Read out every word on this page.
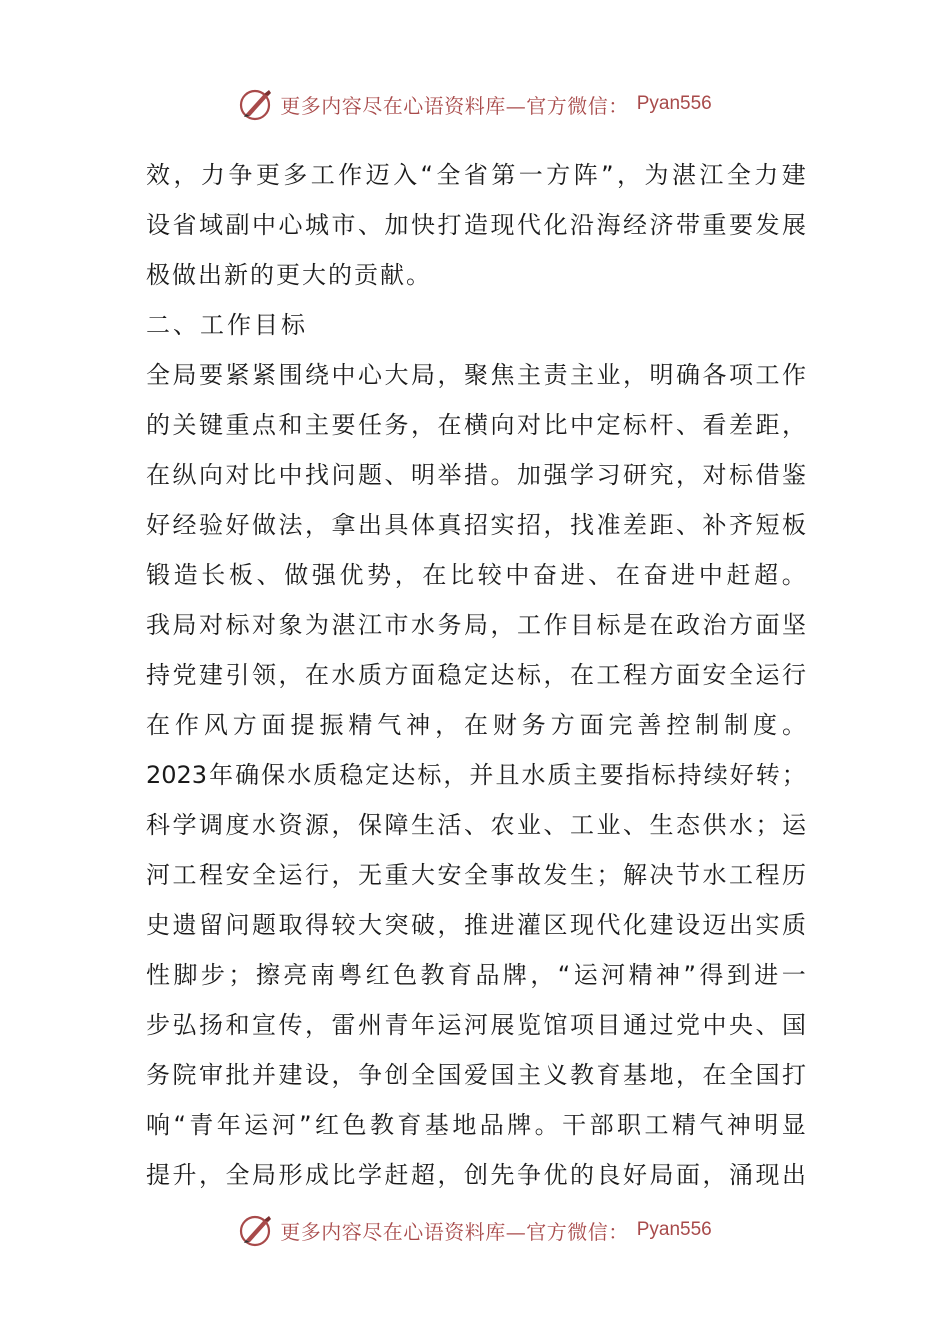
更多内容尽在心语资料库—官方微信： Pyan556
效 ， 力 争 更 多 工 作 迈 入 “ 全 省 第 一 方 阵 ” ， 为 湛 江 全 力 建
设 省 域 副 中 心 城 市 、 加 快 打 造 现 代 化 沿 海 经 济 带 重 要 发 展
极做出新的更大的贡献。
二、工作目标
全 局 要 紧 紧 围 绕 中 心 大 局 ， 聚 焦 主 责 主 业 ， 明 确 各 项 工 作
的 关 键 重 点 和 主 要 任 务 ， 在 横 向 对 比 中 定 标 杆 、 看 差 距 ，
在 纵 向 对 比 中 找 问 题 、 明 举 措 。 加 强 学 习 研 究 ， 对 标 借 鉴
好 经 验 好 做 法 ， 拿 出 具 体 真 招 实 招 ， 找 准 差 距 、 补 齐 短 板
锻 造 长 板 、 做 强 优 势 ， 在 比 较 中 奋 进 、 在 奋 进 中 赶 超 。
我 局 对 标 对 象 为 湛 江 市 水 务 局 ， 工 作 目 标 是 在 政 治 方 面 坚
持 党 建 引 领 ， 在 水 质 方 面 稳 定 达 标 ， 在 工 程 方 面 安 全 运 行
在 作 风 方 面 提 振 精 气 神 ， 在 财 务 方 面 完 善 控 制 制 度 。
2023 年 确 保 水 质 稳 定 达 标 ， 并 且 水 质 主 要 指 标 持 续 好 转 ；
科 学 调 度 水 资 源 ， 保 障 生 活 、 农 业 、 工 业 、 生 态 供 水 ； 运
河 工 程 安 全 运 行 ， 无 重 大 安 全 事 故 发 生 ； 解 决 节 水 工 程 历
史 遗 留 问 题 取 得 较 大 突 破 ， 推 进 灌 区 现 代 化 建 设 迈 出 实 质
性 脚 步 ； 擦 亮 南 粤 红 色 教 育 品 牌 ， “ 运 河 精 神 ” 得 到 进 一
步 弘 扬 和 宣 传 ， 雷 州 青 年 运 河 展 览 馆 项 目 通 过 党 中 央 、 国
务 院 审 批 并 建 设 ， 争 创 全 国 爱 国 主 义 教 育 基 地 ， 在 全 国 打
响 “ 青 年 运 河 ” 红 色 教 育 基 地 品 牌 。 干 部 职 工 精 气 神 明 显
提 升 ， 全 局 形 成 比 学 赶 超 ， 创 先 争 优 的 良 好 局 面 ， 涌 现 出
更多内容尽在心语资料库—官方微信： Pyan556
